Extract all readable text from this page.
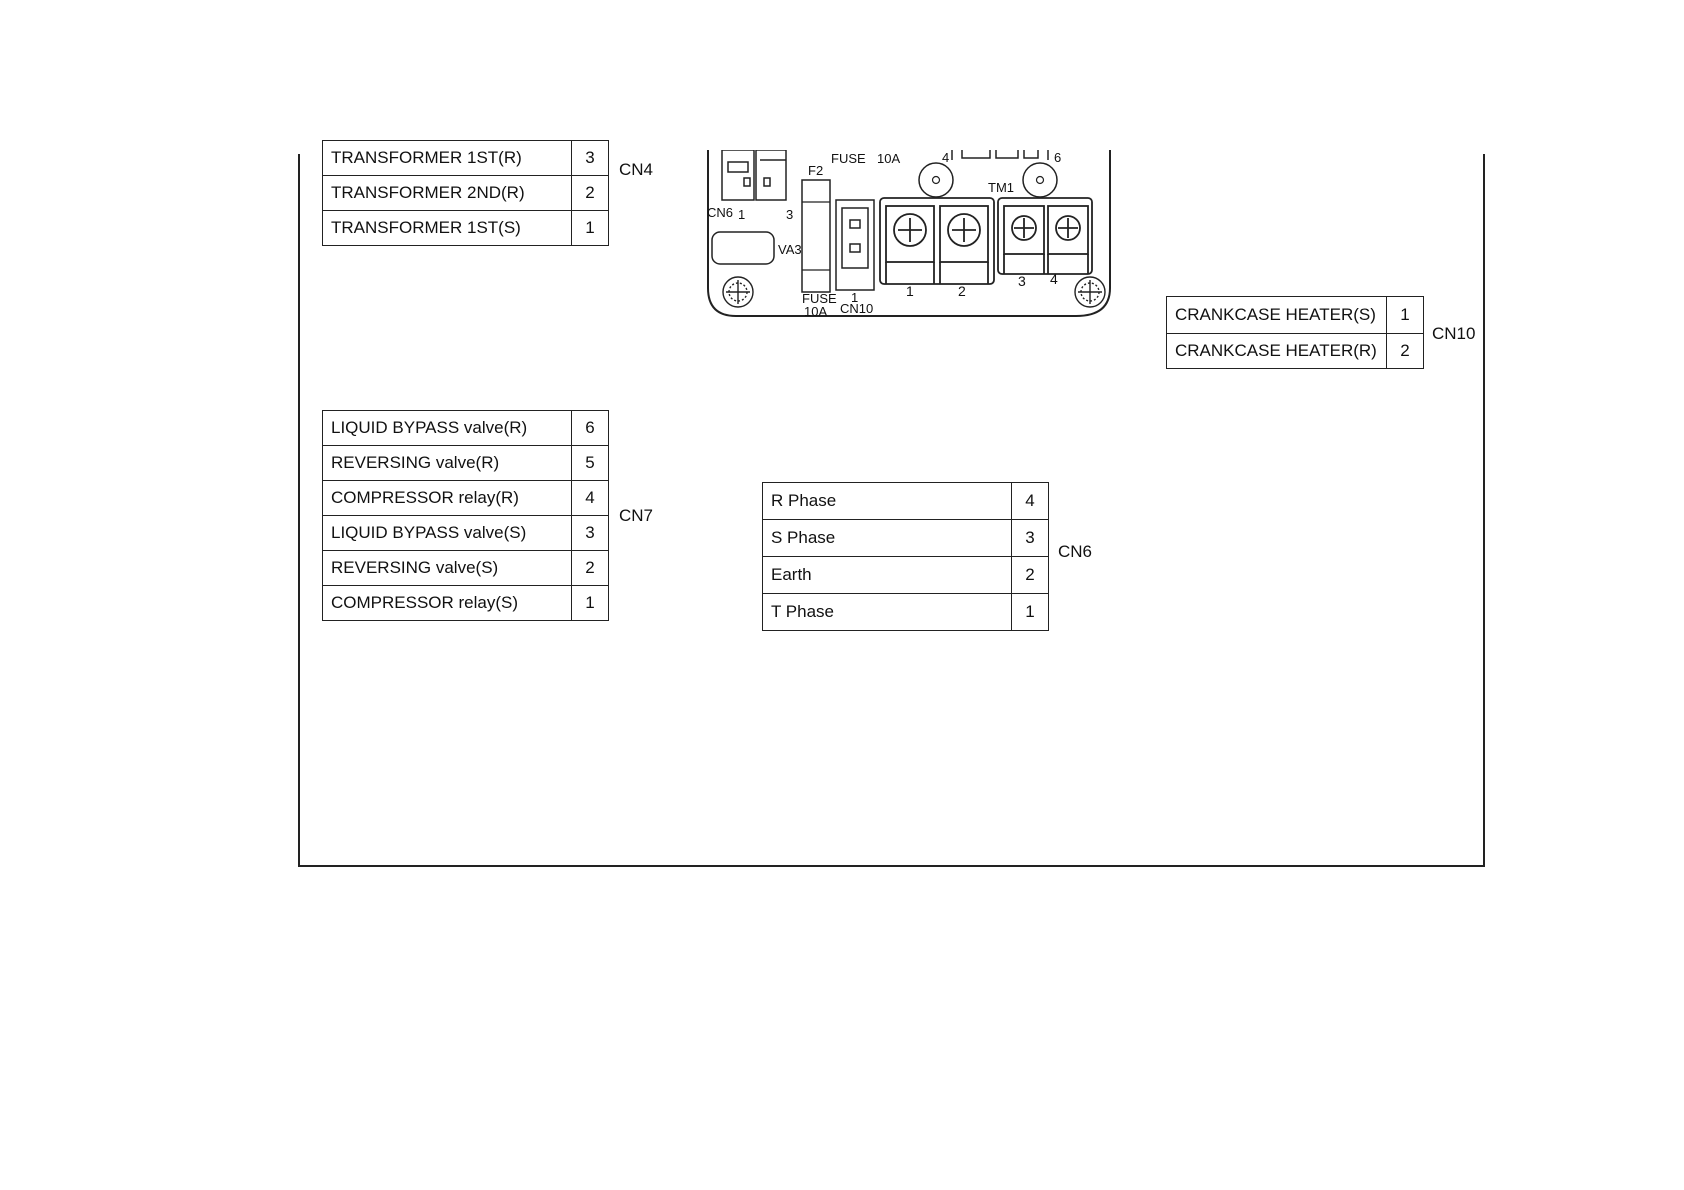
TRANSFORMER 1ST(R)	3
TRANSFORMER 2ND(R)	2
TRANSFORMER 1ST(S)	1
CN4
LIQUID BYPASS valve(R)	6
REVERSING valve(R)	5
COMPRESSOR relay(R)	4
LIQUID BYPASS valve(S)	3
REVERSING valve(S)	2
COMPRESSOR relay(S)	1
CN7
R Phase	4
S Phase	3
Earth	2
T Phase	1
CN6
CRANKCASE HEATER(S)	1
CRANKCASE HEATER(R)	2
CN10
CN6 1	3
VA3
F2
FUSE 10A
FUSE
10A
1
CN10
4	6
TM1
1	2
3 4
